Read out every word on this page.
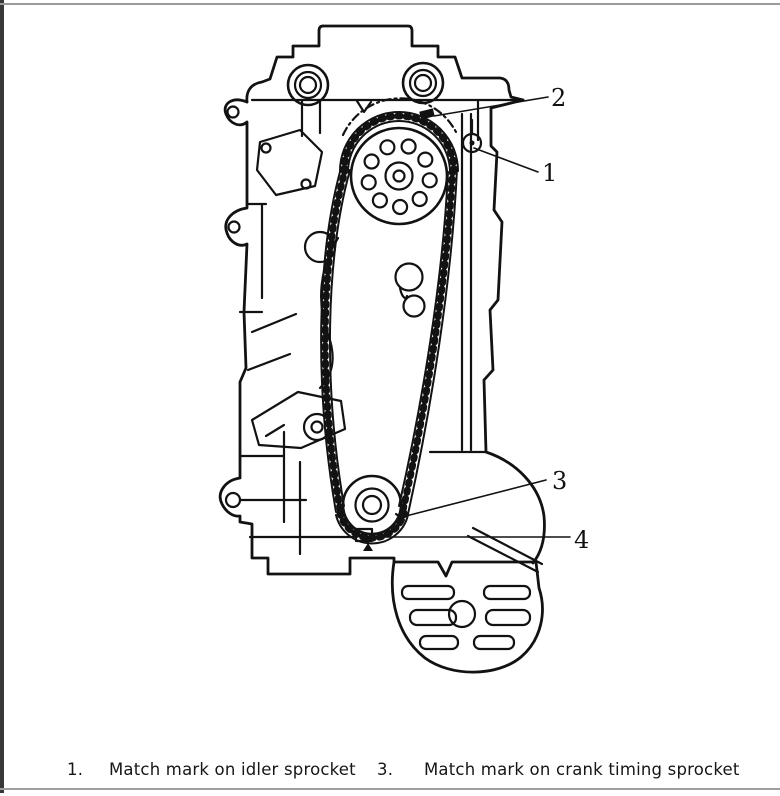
2
1
3
4
1. Match mark on idler sprocket 3. Match mark on crank timing sprocket
